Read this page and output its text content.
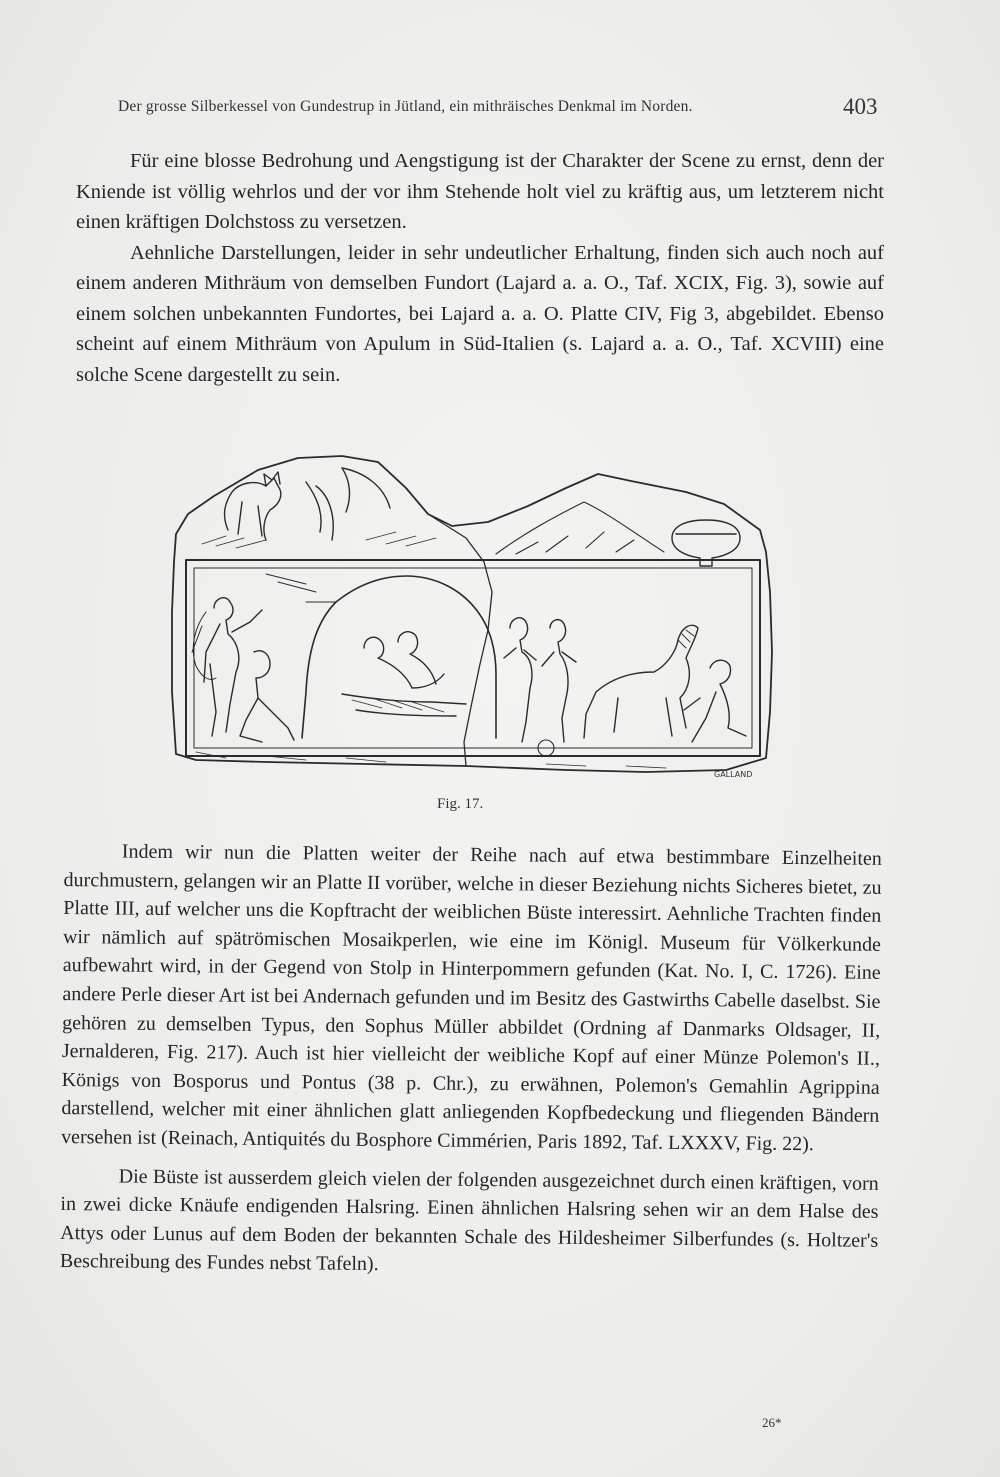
Der grosse Silberkessel von Gundestrup in Jütland, ein mithräisches Denkmal im Norden.	403

Für eine blosse Bedrohung und Aengstigung ist der Charakter der Scene zu ernst, denn der Kniende ist völlig wehrlos und der vor ihm Stehende holt viel zu kräftig aus, um letzterem nicht einen kräftigen Dolchstoss zu versetzen.

Aehnliche Darstellungen, leider in sehr undeutlicher Erhaltung, finden sich auch noch auf einem anderen Mithräum von demselben Fundort (Lajard a. a. O., Taf. XCIX, Fig. 3), sowie auf einem solchen unbekannten Fundortes, bei Lajard a. a. O. Platte CIV, Fig 3, abgebildet. Ebenso scheint auf einem Mithräum von Apulum in Süd-Italien (s. Lajard a. a. O., Taf. XCVIII) eine solche Scene dargestellt zu sein.

GALLAND
Fig. 17.

Indem wir nun die Platten weiter der Reihe nach auf etwa bestimmbare Einzelheiten durchmustern, gelangen wir an Platte II vorüber, welche in dieser Beziehung nichts Sicheres bietet, zu Platte III, auf welcher uns die Kopftracht der weiblichen Büste interessirt. Aehnliche Trachten finden wir nämlich auf spätrömischen Mosaikperlen, wie eine im Königl. Museum für Völkerkunde aufbewahrt wird, in der Gegend von Stolp in Hinterpommern gefunden (Kat. No. I, C. 1726). Eine andere Perle dieser Art ist bei Andernach gefunden und im Besitz des Gastwirths Cabelle daselbst. Sie gehören zu demselben Typus, den Sophus Müller abbildet (Ordning af Danmarks Oldsager, II, Jernalderen, Fig. 217). Auch ist hier vielleicht der weibliche Kopf auf einer Münze Polemon's II., Königs von Bosporus und Pontus (38 p. Chr.), zu erwähnen, Polemon's Gemahlin Agrippina darstellend, welcher mit einer ähnlichen glatt anliegenden Kopfbedeckung und fliegenden Bändern versehen ist (Reinach, Antiquités du Bosphore Cimmérien, Paris 1892, Taf. LXXXV, Fig. 22).

Die Büste ist ausserdem gleich vielen der folgenden ausgezeichnet durch einen kräftigen, vorn in zwei dicke Knäufe endigenden Halsring. Einen ähnlichen Halsring sehen wir an dem Halse des Attys oder Lunus auf dem Boden der bekannten Schale des Hildesheimer Silberfundes (s. Holtzer's Beschreibung des Fundes nebst Tafeln).

26*
